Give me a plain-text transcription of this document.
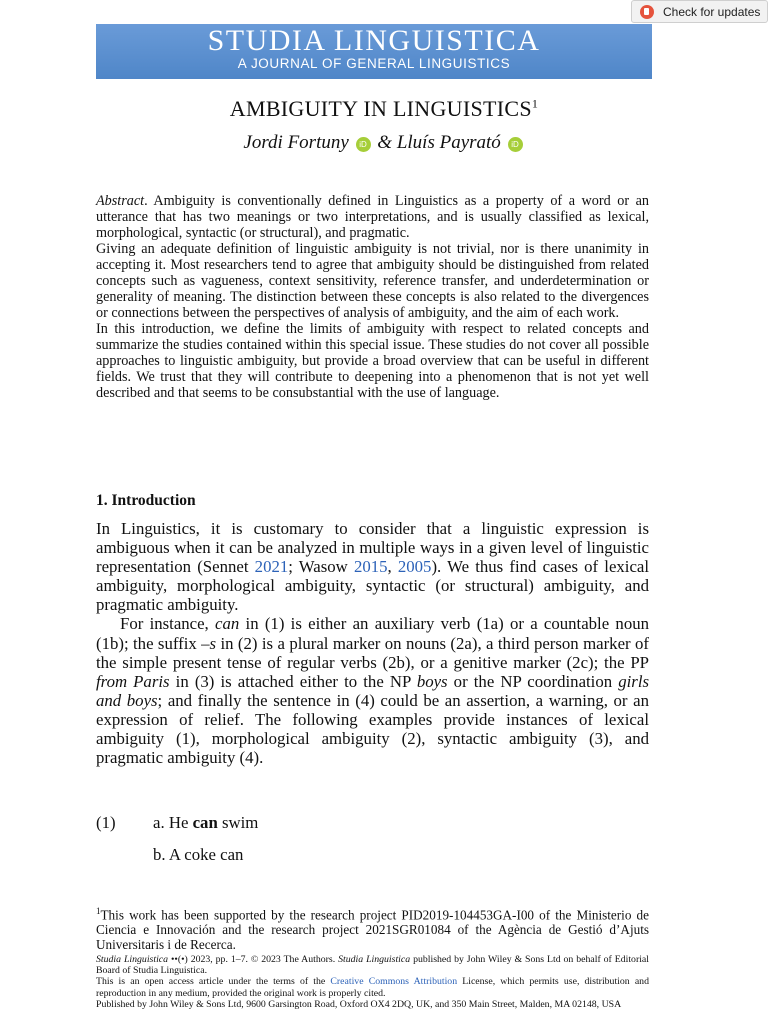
Check for updates
STUDIA LINGUISTICA
A JOURNAL OF GENERAL LINGUISTICS
AMBIGUITY IN LINGUISTICS$^1$
Jordi Fortuny iD & Lluís Payrató iD

Abstract. Ambiguity is conventionally defined in Linguistics as a property of a word or an utterance that has two meanings or two interpretations, and is usually classified as lexical, morphological, syntactic (or structural), and pragmatic.

Giving an adequate definition of linguistic ambiguity is not trivial, nor is there unanimity in accepting it. Most researchers tend to agree that ambiguity should be distinguished from related concepts such as vagueness, context sensitivity, reference transfer, and underdetermination or generality of meaning. The distinction between these concepts is also related to the divergences or connections between the perspectives of analysis of ambiguity, and the aim of each work.

In this introduction, we define the limits of ambiguity with respect to related concepts and summarize the studies contained within this special issue. These studies do not cover all possible approaches to linguistic ambiguity, but provide a broad overview that can be useful in different fields. We trust that they will contribute to deepening into a phenomenon that is not yet well described and that seems to be consubstantial with the use of language.

1. Introduction

In Linguistics, it is customary to consider that a linguistic expression is ambiguous when it can be analyzed in multiple ways in a given level of linguistic representation (Sennet 2021; Wasow 2015, 2005). We thus find cases of lexical ambiguity, morphological ambiguity, syntactic (or structural) ambiguity, and pragmatic ambiguity.

For instance, can in (1) is either an auxiliary verb (1a) or a countable noun (1b); the suffix –s in (2) is a plural marker on nouns (2a), a third person marker of the simple present tense of regular verbs (2b), or a genitive marker (2c); the PP from Paris in (3) is attached either to the NP boys or the NP coordination girls and boys; and finally the sentence in (4) could be an assertion, a warning, or an expression of relief. The following examples provide instances of lexical ambiguity (1), morphological ambiguity (2), syntactic ambiguity (3), and pragmatic ambiguity (4).

(1) a. He can swim
b. A coke can

$^1$This work has been supported by the research project PID2019-104453GA-I00 of the Ministerio de Ciencia e Innovación and the research project 2021SGR01084 of the Agència de Gestió d’Ajuts Universitaris i de Recerca.

Studia Linguistica ••(•) 2023, pp. 1–7. © 2023 The Authors. Studia Linguistica published by John Wiley & Sons Ltd on behalf of Editorial Board of Studia Linguistica.

This is an open access article under the terms of the Creative Commons Attribution License, which permits use, distribution and reproduction in any medium, provided the original work is properly cited.

Published by John Wiley & Sons Ltd, 9600 Garsington Road, Oxford OX4 2DQ, UK, and 350 Main Street, Malden, MA 02148, USA
